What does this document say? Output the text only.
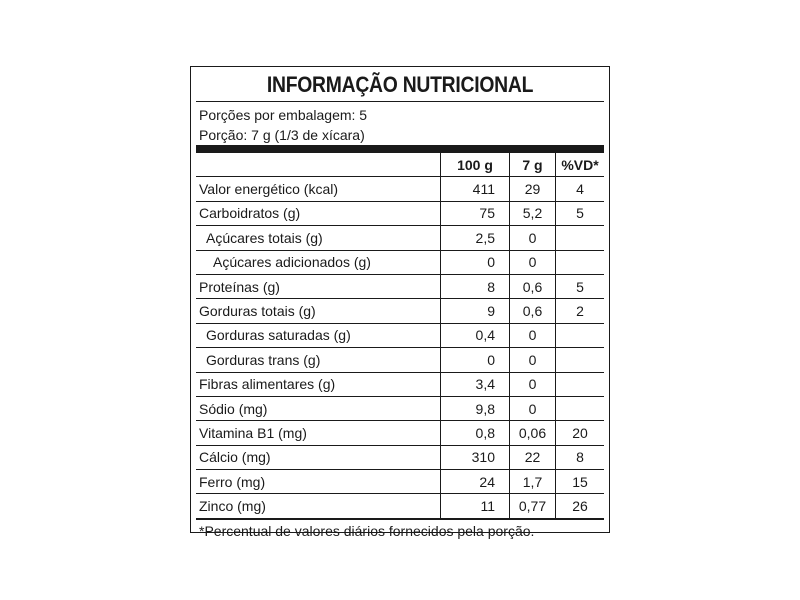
INFORMAÇÃO NUTRICIONAL
Porções por embalagem: 5
Porção: 7 g (1/3 de xícara)
	100 g	7 g	%VD*
Valor energético (kcal)	411	29	4
Carboidratos (g)	75	5,2	5
Açúcares totais (g)	2,5	0	
Açúcares adicionados (g)	0	0	
Proteínas (g)	8	0,6	5
Gorduras totais (g)	9	0,6	2
Gorduras saturadas (g)	0,4	0	
Gorduras trans (g)	0	0	
Fibras alimentares (g)	3,4	0	
Sódio (mg)	9,8	0	
Vitamina B1 (mg)	0,8	0,06	20
Cálcio (mg)	310	22	8
Ferro (mg)	24	1,7	15
Zinco (mg)	11	0,77	26
*Percentual de valores diários fornecidos pela porção.
